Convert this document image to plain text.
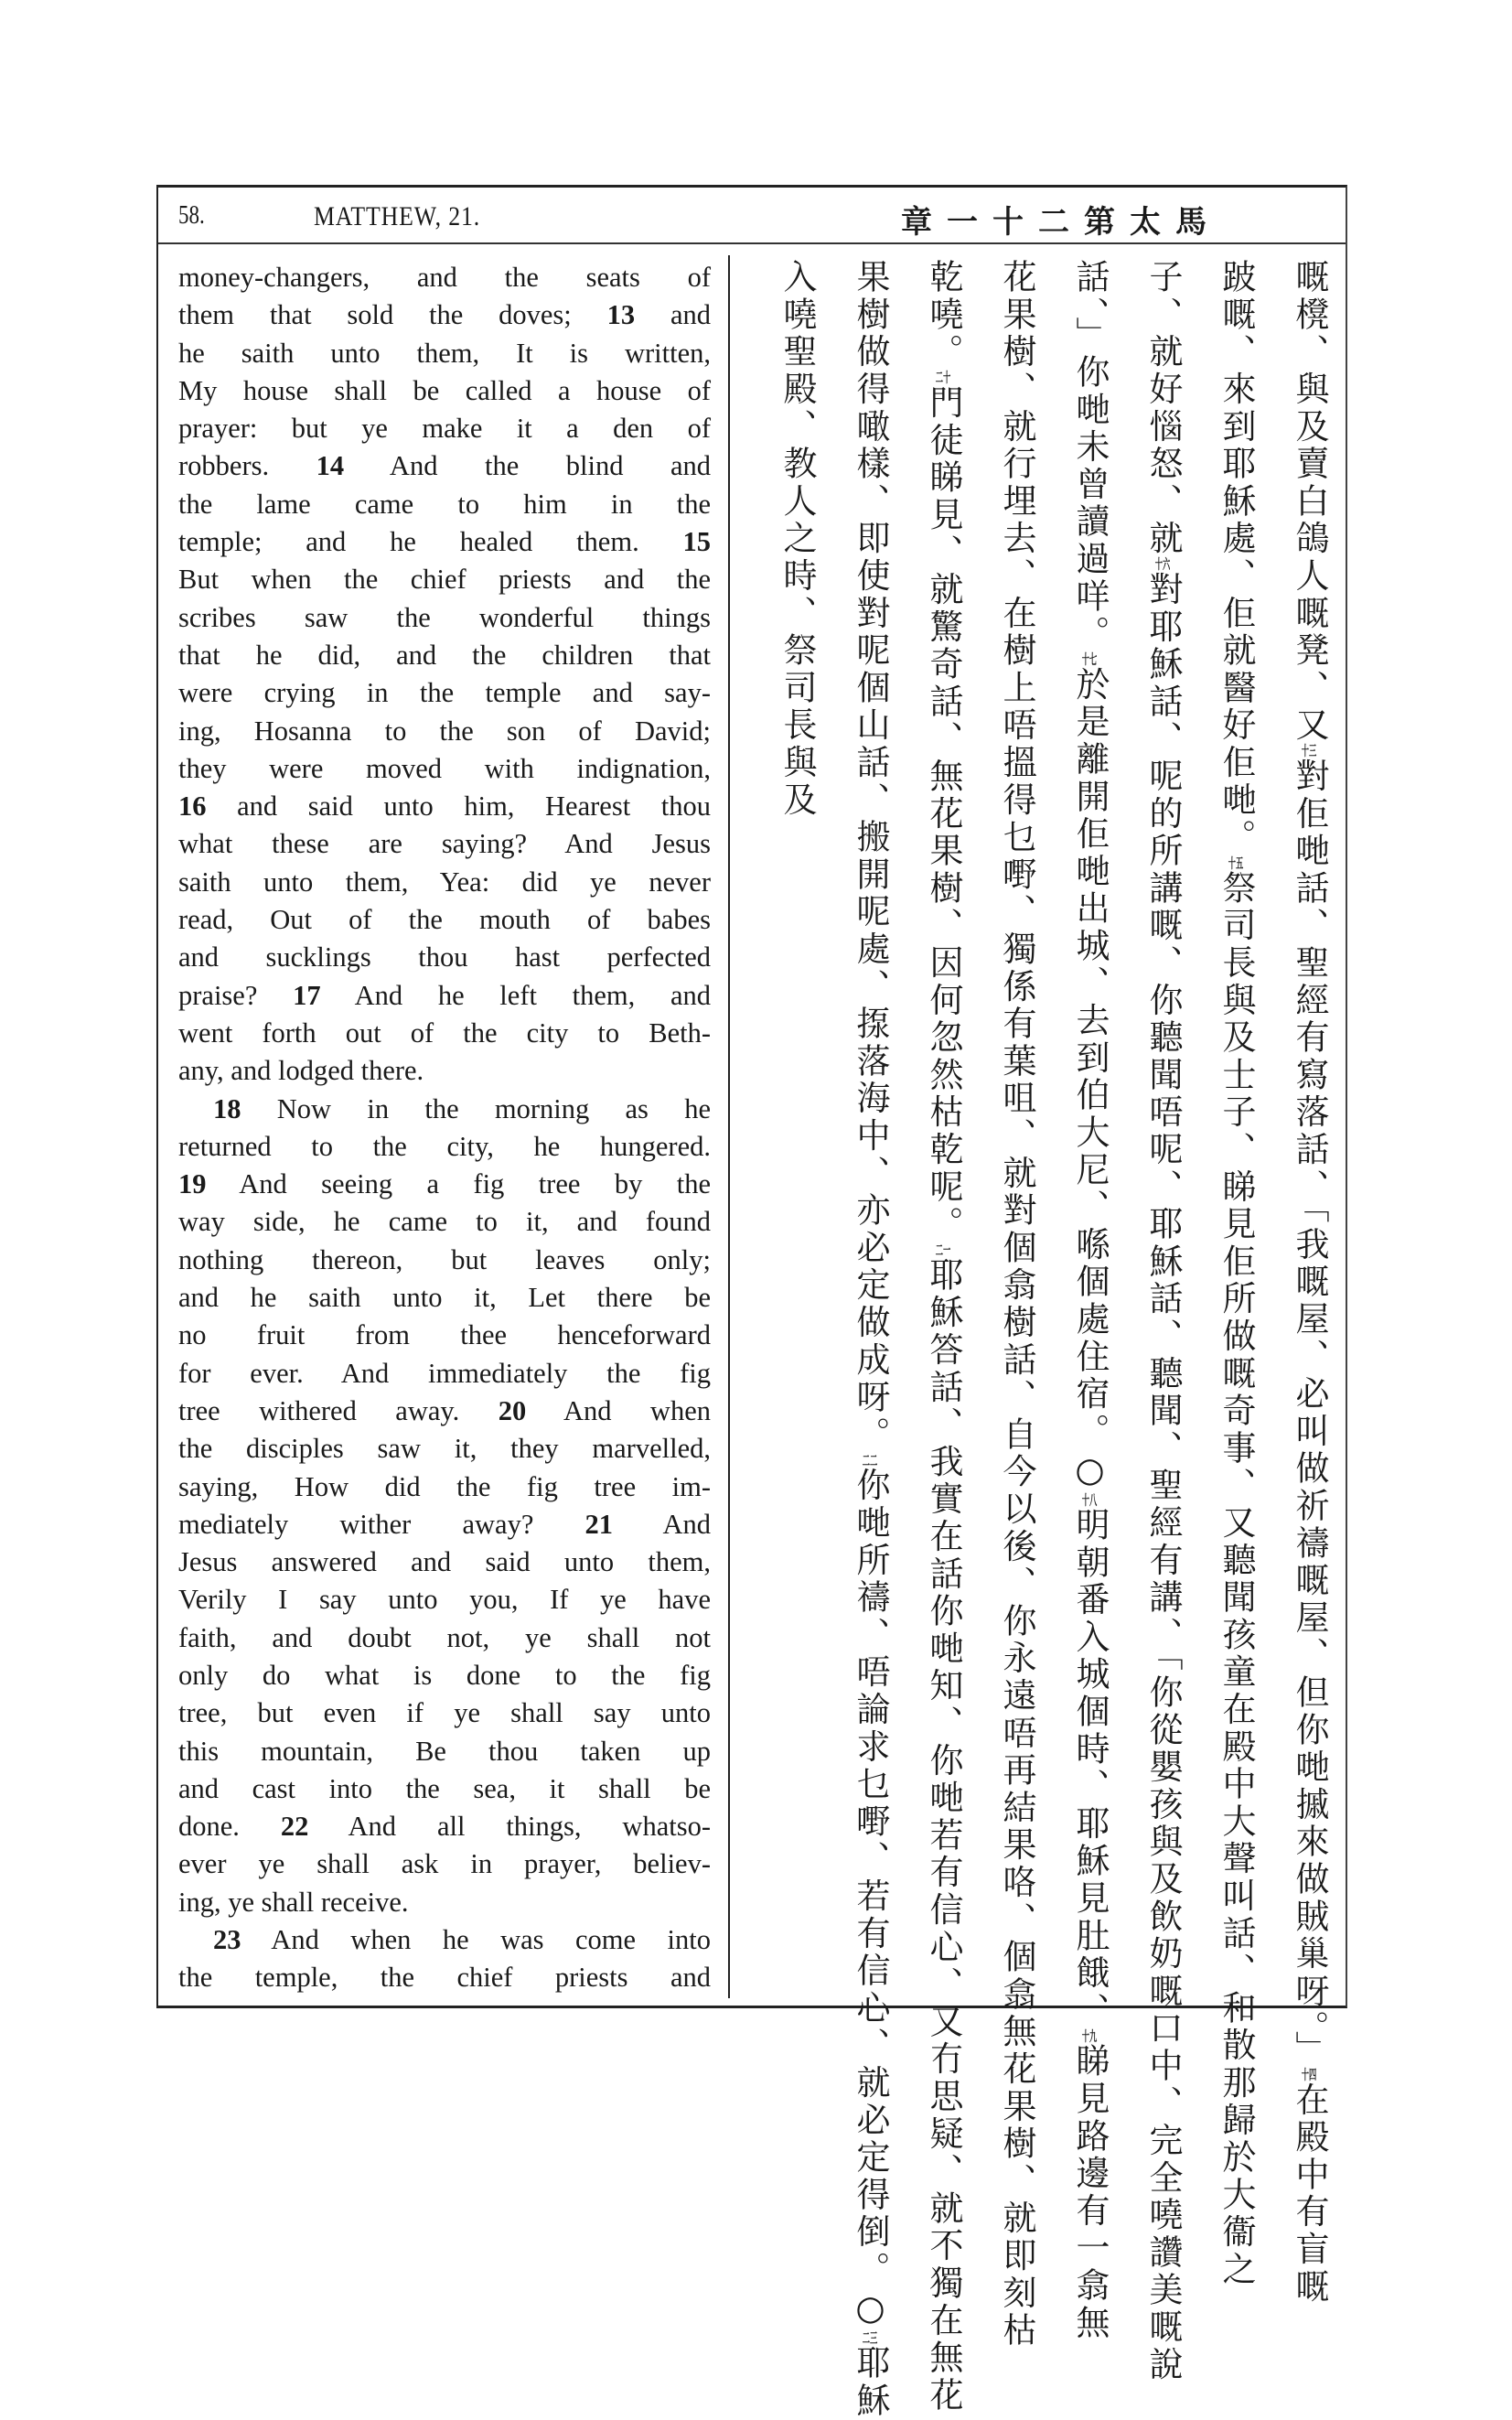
58.	MATTHEW, 21.	章一十二第太馬
money-changers, and the seats of
them that sold the doves; 13 and
he saith unto them, It is written,
My house shall be called a house of
prayer: but ye make it a den of
robbers. 14 And the blind and
the lame came to him in the
temple; and he healed them. 15
But when the chief priests and the
scribes saw the wonderful things
that he did, and the children that
were crying in the temple and say-
ing, Hosanna to the son of David;
they were moved with indignation,
16 and said unto him, Hearest thou
what these are saying? And Jesus
saith unto them, Yea: did ye never
read, Out of the mouth of babes
and sucklings thou hast perfected
praise? 17 And he left them, and
went forth out of the city to Beth-
any, and lodged there.
18 Now in the morning as he
returned to the city, he hungered.
19 And seeing a fig tree by the
way side, he came to it, and found
nothing thereon, but leaves only;
and he saith unto it, Let there be
no fruit from thee henceforward
for ever. And immediately the fig
tree withered away. 20 And when
the disciples saw it, they marvelled,
saying, How did the fig tree im-
mediately wither away? 21 And
Jesus answered and said unto them,
Verily I say unto you, If ye have
faith, and doubt not, ye shall not
only do what is done to the fig
tree, but even if ye shall say unto
this mountain, Be thou taken up
and cast into the sea, it shall be
done. 22 And all things, whatso-
ever ye shall ask in prayer, believ-
ing, ye shall receive.
23 And when he was come into
the temple, the chief priests and
嘅櫈、與及賣白鴿人嘅凳、又十三對佢哋話、聖經有寫落話、「我嘅屋、必叫做祈禱嘅屋、但你哋摵來做賊巢呀。」十四在殿中有盲嘅
跛嘅、來到耶穌處、佢就醫好佢哋。十五祭司長與及士子、睇見佢所做嘅奇事、又聽聞孩童在殿中大聲叫話、和散那歸於大衞之
子、就好惱怒、就十六對耶穌話、呢的所講嘅、你聽聞唔呢、耶穌話、聽聞、聖經有講、「你從嬰孩與及飲奶嘅口中、完全嘵讚美嘅說
話、」你哋未曾讀過咩。十七於是離開佢哋出城、去到伯大尼、喺個處住宿。○十八明朝番入城個時、耶穌見肚餓、十九睇見路邊有一翕無
花果樹、就行埋去、在樹上唔搵得乜嘢、獨係有葉咀、就對個翕樹話、自今以後、你永遠唔再結果咯、個翕無花果樹、就即刻枯
乾嘵。二十門徒睇見、就驚奇話、無花果樹、因何忽然枯乾呢。二一耶穌答話、我實在話你哋知、你哋若有信心、又冇思疑、就不獨在無花
果樹做得噉樣、即使對呢個山話、搬開呢處、揼落海中、亦必定做成呀。二二你哋所禱、唔論求乜嘢、若有信心、就必定得倒。○二三耶穌
入嘵聖殿、教人之時、祭司長與及
